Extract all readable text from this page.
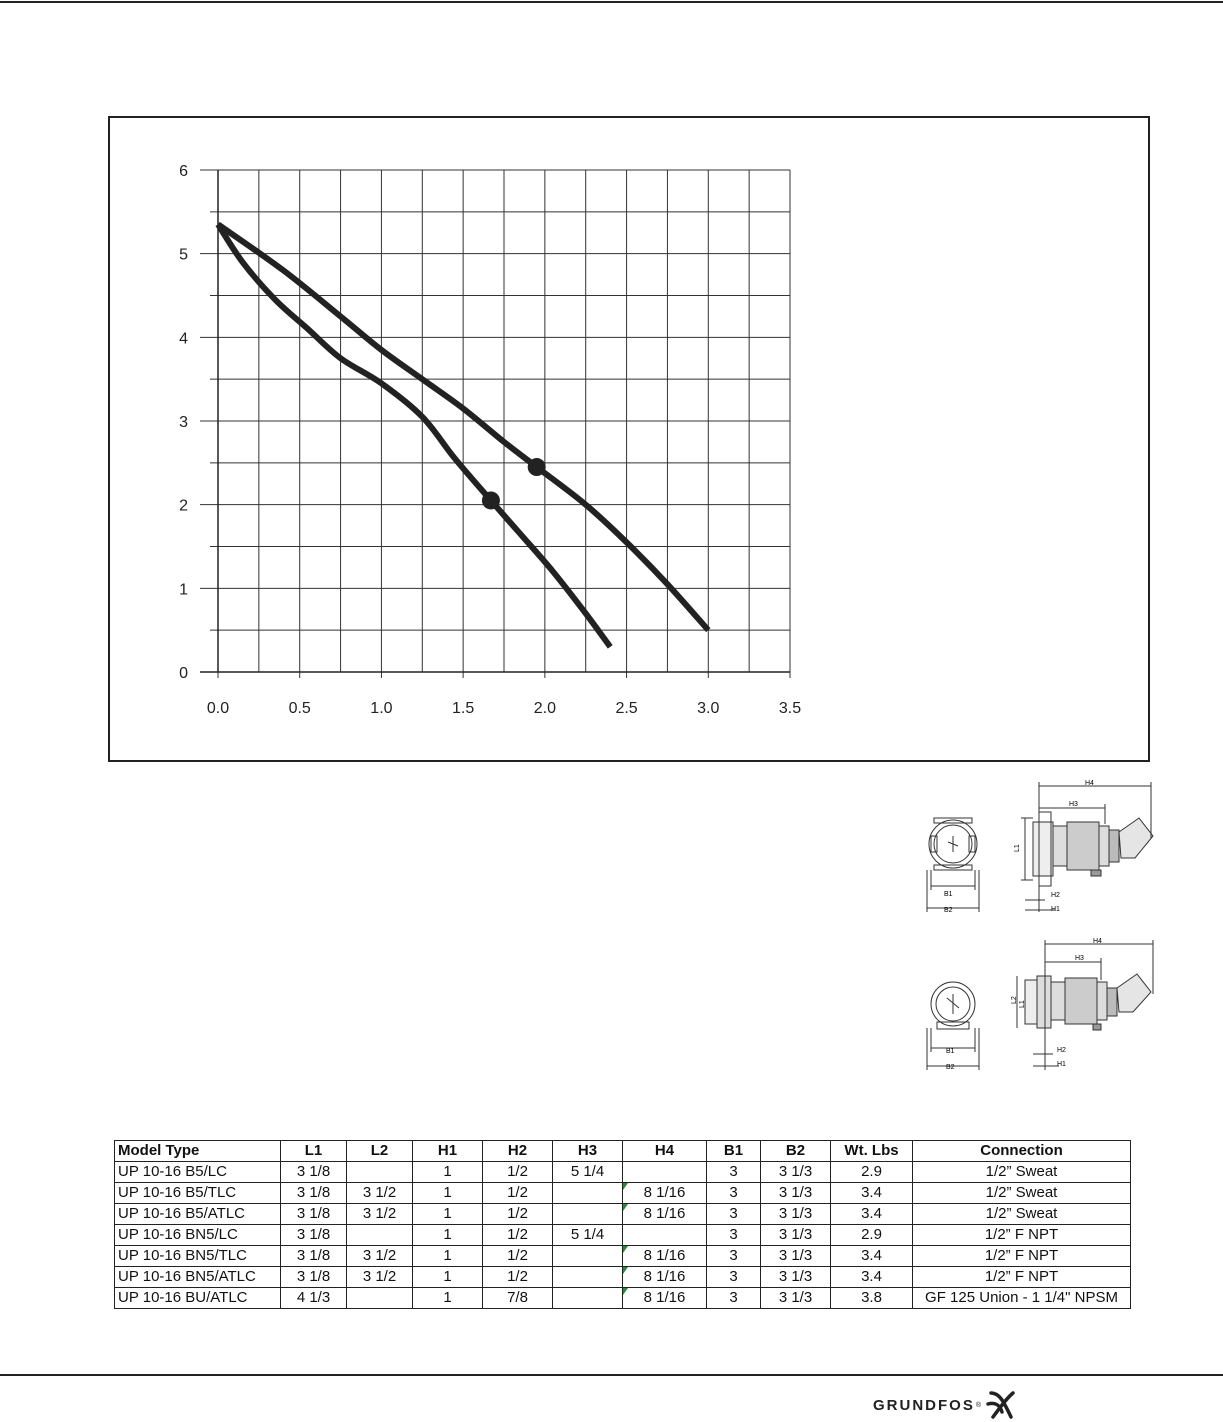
0.0	0.5	1.0	1.5	2.0	2.5	3.0	3.5
0
1
2
3
4
5
6
B1
B2
H4
H3
L1
H2
H1
B1
B2
H4
H3
L2
L1
H2
H1
Model Type	L1	L2	H1	H2	H3	H4	B1	B2	Wt. Lbs	Connection
UP 10-16 B5/LC	3 1/8		1	1/2	5 1/4		3	3 1/3	2.9	1/2” Sweat
UP 10-16 B5/TLC	3 1/8	3 1/2	1	1/2		8 1/16	3	3 1/3	3.4	1/2” Sweat
UP 10-16 B5/ATLC	3 1/8	3 1/2	1	1/2		8 1/16	3	3 1/3	3.4	1/2” Sweat
UP 10-16 BN5/LC	3 1/8		1	1/2	5 1/4		3	3 1/3	2.9	1/2” F NPT
UP 10-16 BN5/TLC	3 1/8	3 1/2	1	1/2		8 1/16	3	3 1/3	3.4	1/2” F NPT
UP 10-16 BN5/ATLC	3 1/8	3 1/2	1	1/2		8 1/16	3	3 1/3	3.4	1/2” F NPT
UP 10-16 BU/ATLC	4 1/3		1	7/8		8 1/16	3	3 1/3	3.8	GF 125 Union - 1 1/4" NPSM
GRUNDFOS ®
